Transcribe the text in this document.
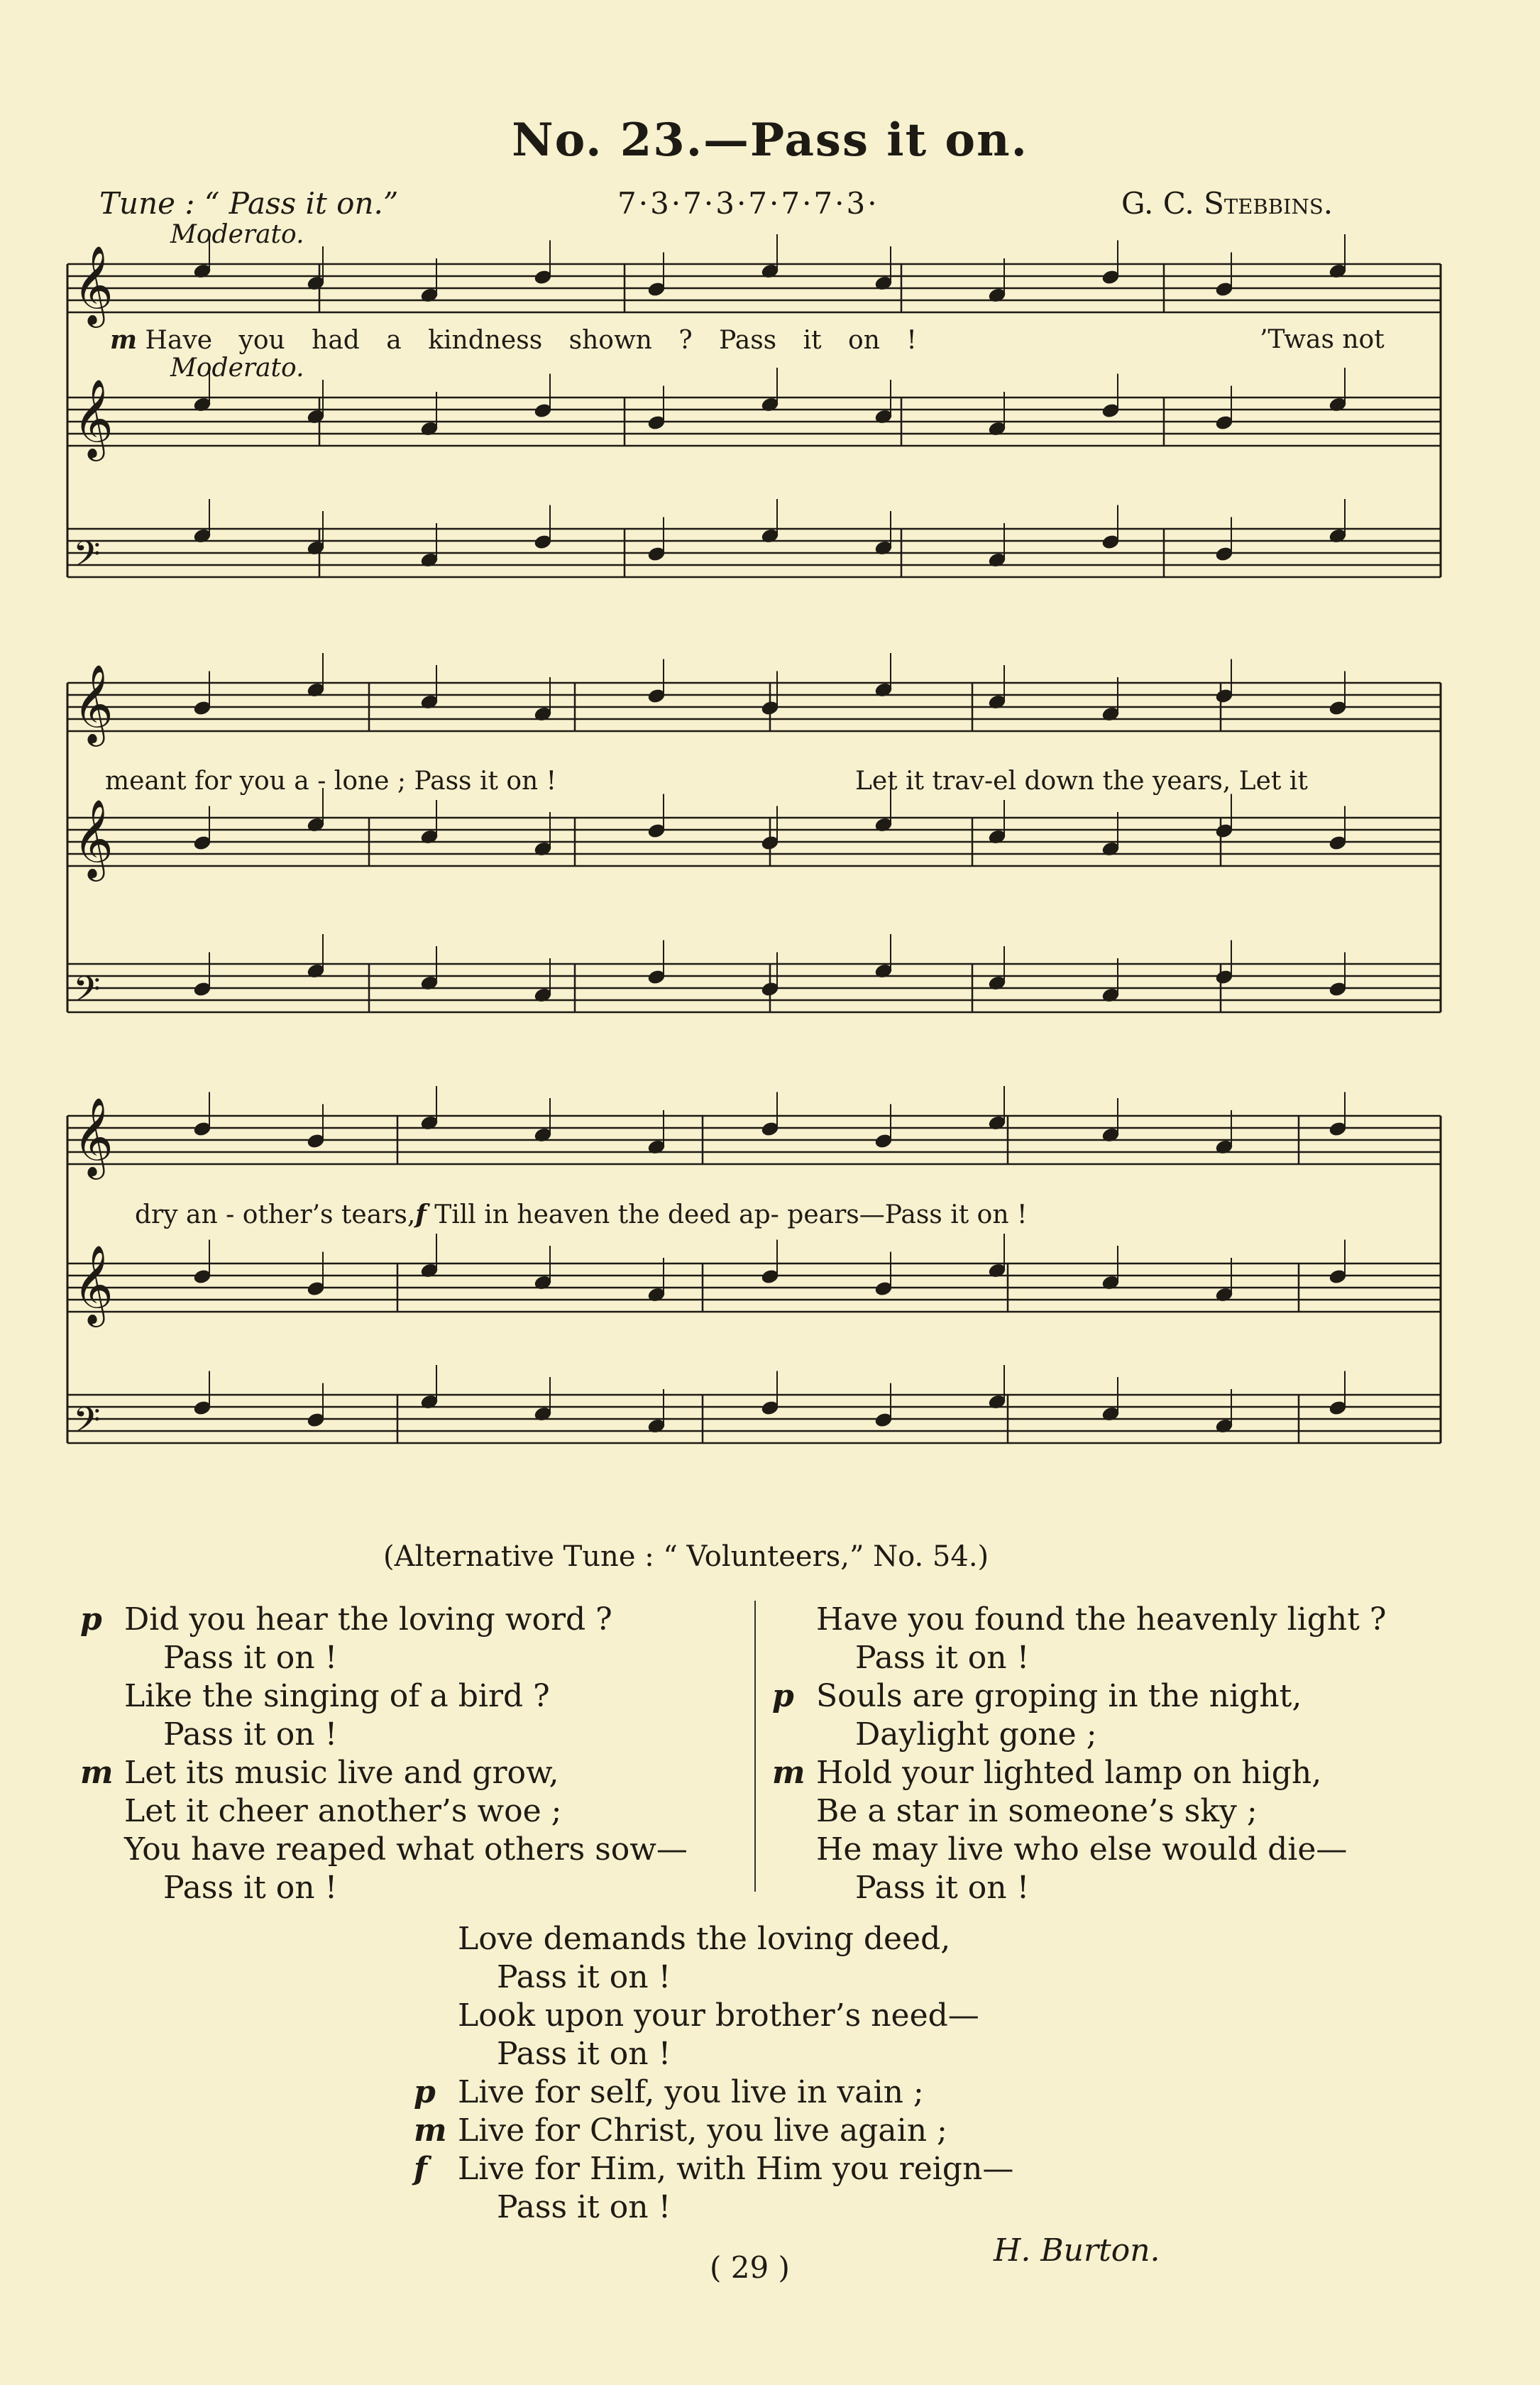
No. 23.—Pass it on.
Tune : “ Pass it on.”	7·3·7·3·7·7·7·3·	G. C. Stebbins.
Moderato.
Moderato.
𝄞
𝄞
𝄢
𝄞
𝄞
𝄢
𝄞
𝄞
𝄢
m Have you had a kindness shown ? Pass it on !	’Twas not
meant for you a - lone ; Pass it on !	Let it trav-el down the years, Let it
dry an - other’s tears,f Till in heaven the deed ap- pears—Pass it on !
(Alternative Tune : “ Volunteers,” No. 54.)
p Did you hear the loving word ?
Pass it on !
Like the singing of a bird ?
Pass it on !
m Let its music live and grow,
Let it cheer another’s woe ;
You have reaped what others sow—
Pass it on !
Have you found the heavenly light ?
Pass it on !
p Souls are groping in the night,
Daylight gone ;
m Hold your lighted lamp on high,
Be a star in someone’s sky ;
He may live who else would die—
Pass it on !
Love demands the loving deed,
Pass it on !
Look upon your brother’s need—
Pass it on !
p Live for self, you live in vain ;
m Live for Christ, you live again ;
f Live for Him, with Him you reign—
Pass it on !
( 29 )	H. Burton.
